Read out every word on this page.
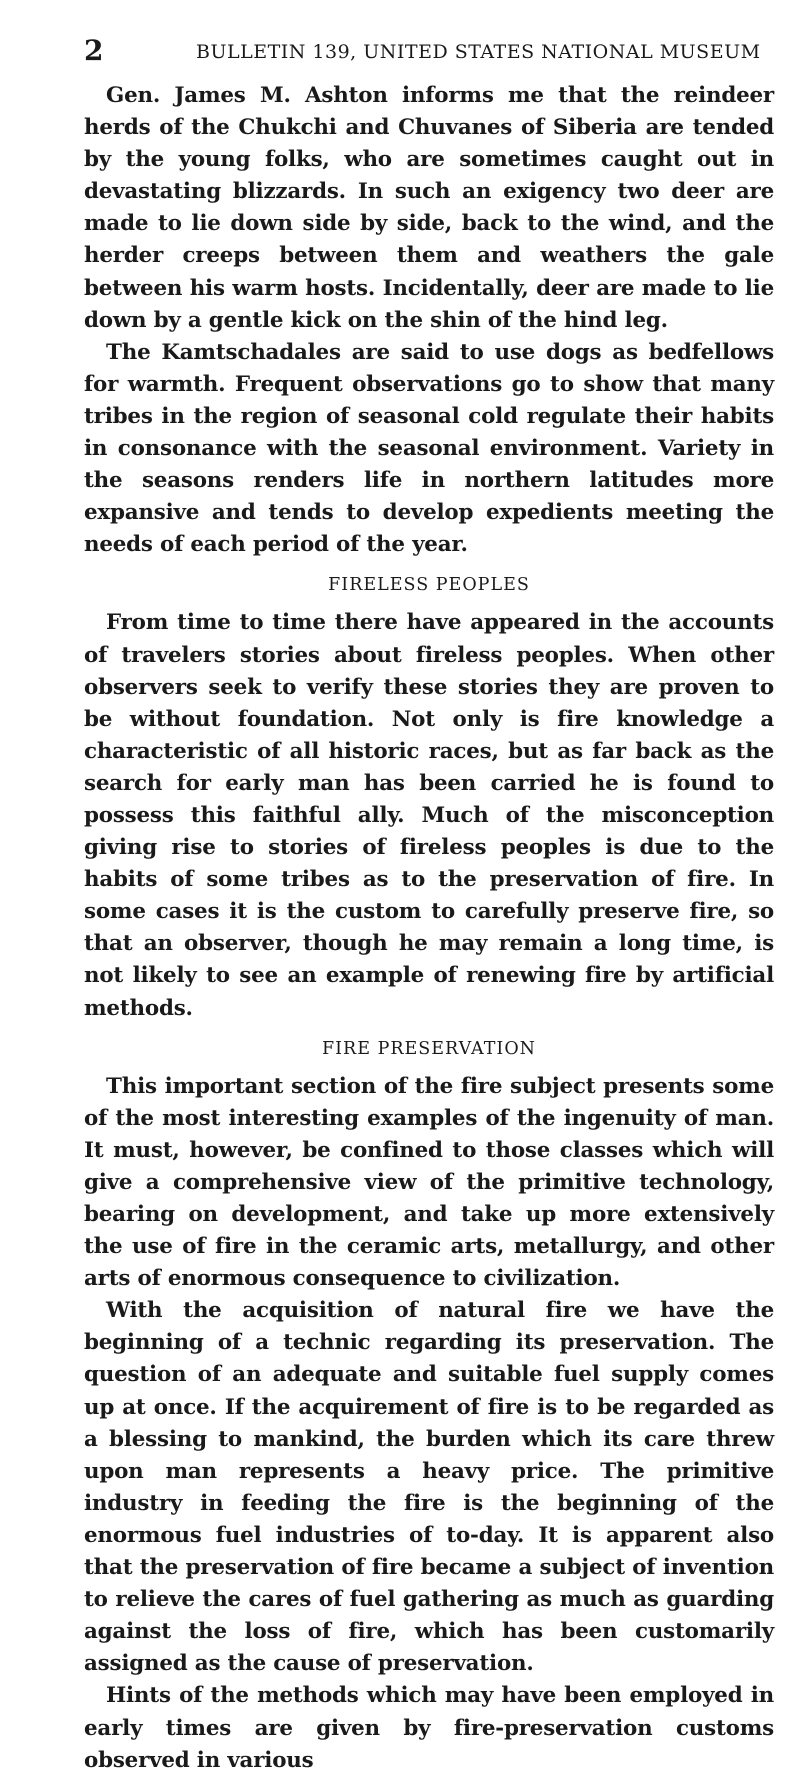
2	BULLETIN 139, UNITED STATES NATIONAL MUSEUM

Gen. James M. Ashton informs me that the reindeer herds of the Chukchi and Chuvanes of Siberia are tended by the young folks, who are sometimes caught out in devastating blizzards. In such an exigency two deer are made to lie down side by side, back to the wind, and the herder creeps between them and weathers the gale between his warm hosts. Incidentally, deer are made to lie down by a gentle kick on the shin of the hind leg.

The Kamtschadales are said to use dogs as bedfellows for warmth. Frequent observations go to show that many tribes in the region of seasonal cold regulate their habits in consonance with the seasonal environment. Variety in the seasons renders life in northern latitudes more expansive and tends to develop expedients meeting the needs of each period of the year.

FIRELESS PEOPLES

From time to time there have appeared in the accounts of travelers stories about fireless peoples. When other observers seek to verify these stories they are proven to be without foundation. Not only is fire knowledge a characteristic of all historic races, but as far back as the search for early man has been carried he is found to possess this faithful ally. Much of the misconception giving rise to stories of fireless peoples is due to the habits of some tribes as to the preservation of fire. In some cases it is the custom to carefully preserve fire, so that an observer, though he may remain a long time, is not likely to see an example of renewing fire by artificial methods.

FIRE PRESERVATION

This important section of the fire subject presents some of the most interesting examples of the ingenuity of man. It must, however, be confined to those classes which will give a comprehensive view of the primitive technology, bearing on development, and take up more extensively the use of fire in the ceramic arts, metallurgy, and other arts of enormous consequence to civilization.

With the acquisition of natural fire we have the beginning of a technic regarding its preservation. The question of an adequate and suitable fuel supply comes up at once. If the acquirement of fire is to be regarded as a blessing to mankind, the burden which its care threw upon man represents a heavy price. The primitive industry in feeding the fire is the beginning of the enormous fuel industries of to-day. It is apparent also that the preservation of fire became a subject of invention to relieve the cares of fuel gathering as much as guarding against the loss of fire, which has been customarily assigned as the cause of preservation.

Hints of the methods which may have been employed in early times are given by fire-preservation customs observed in various
